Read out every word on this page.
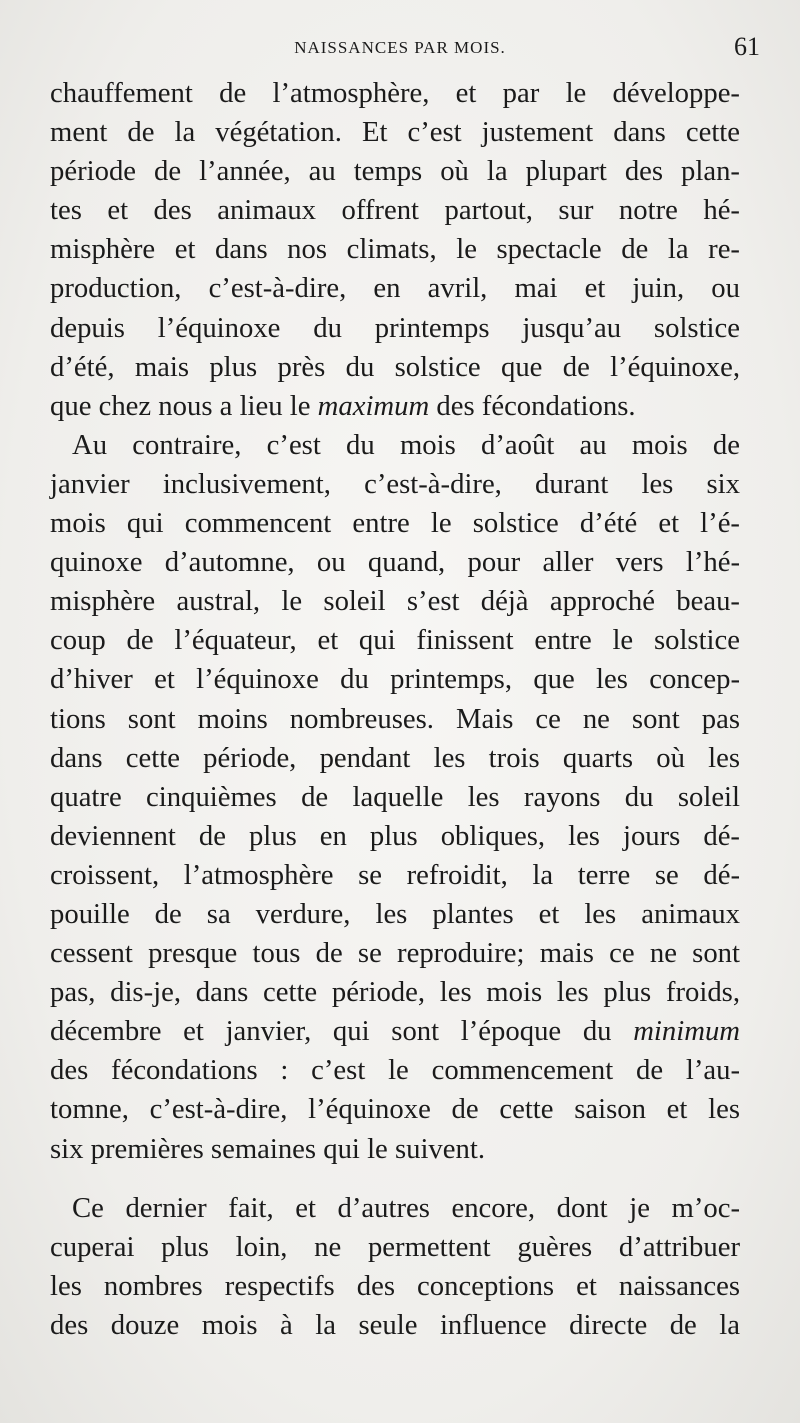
NAISSANCES PAR MOIS.	61
chauffement de l’atmosphère, et par le développe-
ment de la végétation. Et c’est justement dans cette
période de l’année, au temps où la plupart des plan-
tes et des animaux offrent partout, sur notre hé-
misphère et dans nos climats, le spectacle de la re-
production, c’est-à-dire, en avril, mai et juin, ou
depuis l’équinoxe du printemps jusqu’au solstice
d’été, mais plus près du solstice que de l’équinoxe,
que chez nous a lieu le maximum des fécondations.
Au contraire, c’est du mois d’août au mois de
janvier inclusivement, c’est-à-dire, durant les six
mois qui commencent entre le solstice d’été et l’é-
quinoxe d’automne, ou quand, pour aller vers l’hé-
misphère austral, le soleil s’est déjà approché beau-
coup de l’équateur, et qui finissent entre le solstice
d’hiver et l’équinoxe du printemps, que les concep-
tions sont moins nombreuses. Mais ce ne sont pas
dans cette période, pendant les trois quarts où les
quatre cinquièmes de laquelle les rayons du soleil
deviennent de plus en plus obliques, les jours dé-
croissent, l’atmosphère se refroidit, la terre se dé-
pouille de sa verdure, les plantes et les animaux
cessent presque tous de se reproduire; mais ce ne sont
pas, dis-je, dans cette période, les mois les plus froids,
décembre et janvier, qui sont l’époque du minimum
des fécondations : c’est le commencement de l’au-
tomne, c’est-à-dire, l’équinoxe de cette saison et les
six premières semaines qui le suivent.
Ce dernier fait, et d’autres encore, dont je m’oc-
cuperai plus loin, ne permettent guères d’attribuer
les nombres respectifs des conceptions et naissances
des douze mois à la seule influence directe de la
